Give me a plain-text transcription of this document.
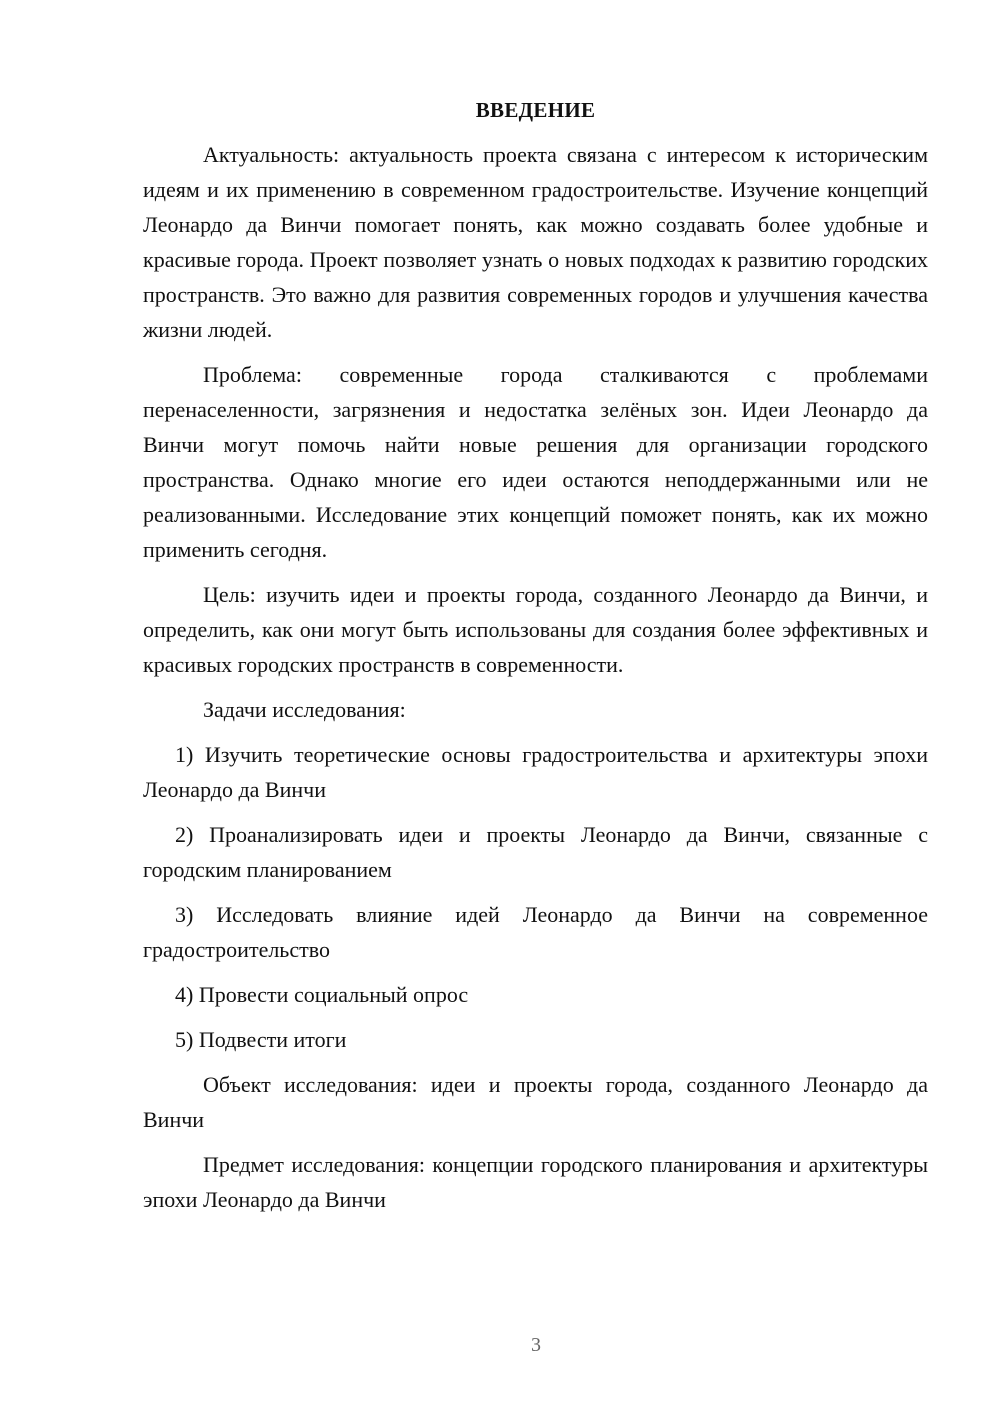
ВВЕДЕНИЕ

Актуальность: актуальность проекта связана с интересом к историческим идеям и их применению в современном градостроительстве. Изучение концепций Леонардо да Винчи помогает понять, как можно создавать более удобные и красивые города. Проект позволяет узнать о новых подходах к развитию городских пространств. Это важно для развития современных городов и улучшения качества жизни людей.

Проблема: современные города сталкиваются с проблемами перенаселенности, загрязнения и недостатка зелёных зон. Идеи Леонардо да Винчи могут помочь найти новые решения для организации городского пространства. Однако многие его идеи остаются неподдержанными или не реализованными. Исследование этих концепций поможет понять, как их можно применить сегодня.

Цель: изучить идеи и проекты города, созданного Леонардо да Винчи, и определить, как они могут быть использованы для создания более эффективных и красивых городских пространств в современности.

Задачи исследования:

1) Изучить теоретические основы градостроительства и архитектуры эпохи Леонардо да Винчи

2) Проанализировать идеи и проекты Леонардо да Винчи, связанные с городским планированием

3) Исследовать влияние идей Леонардо да Винчи на современное градостроительство

4) Провести социальный опрос

5) Подвести итоги

Объект исследования: идеи и проекты города, созданного Леонардо да Винчи

Предмет исследования: концепции городского планирования и архитектуры эпохи Леонардо да Винчи

3
